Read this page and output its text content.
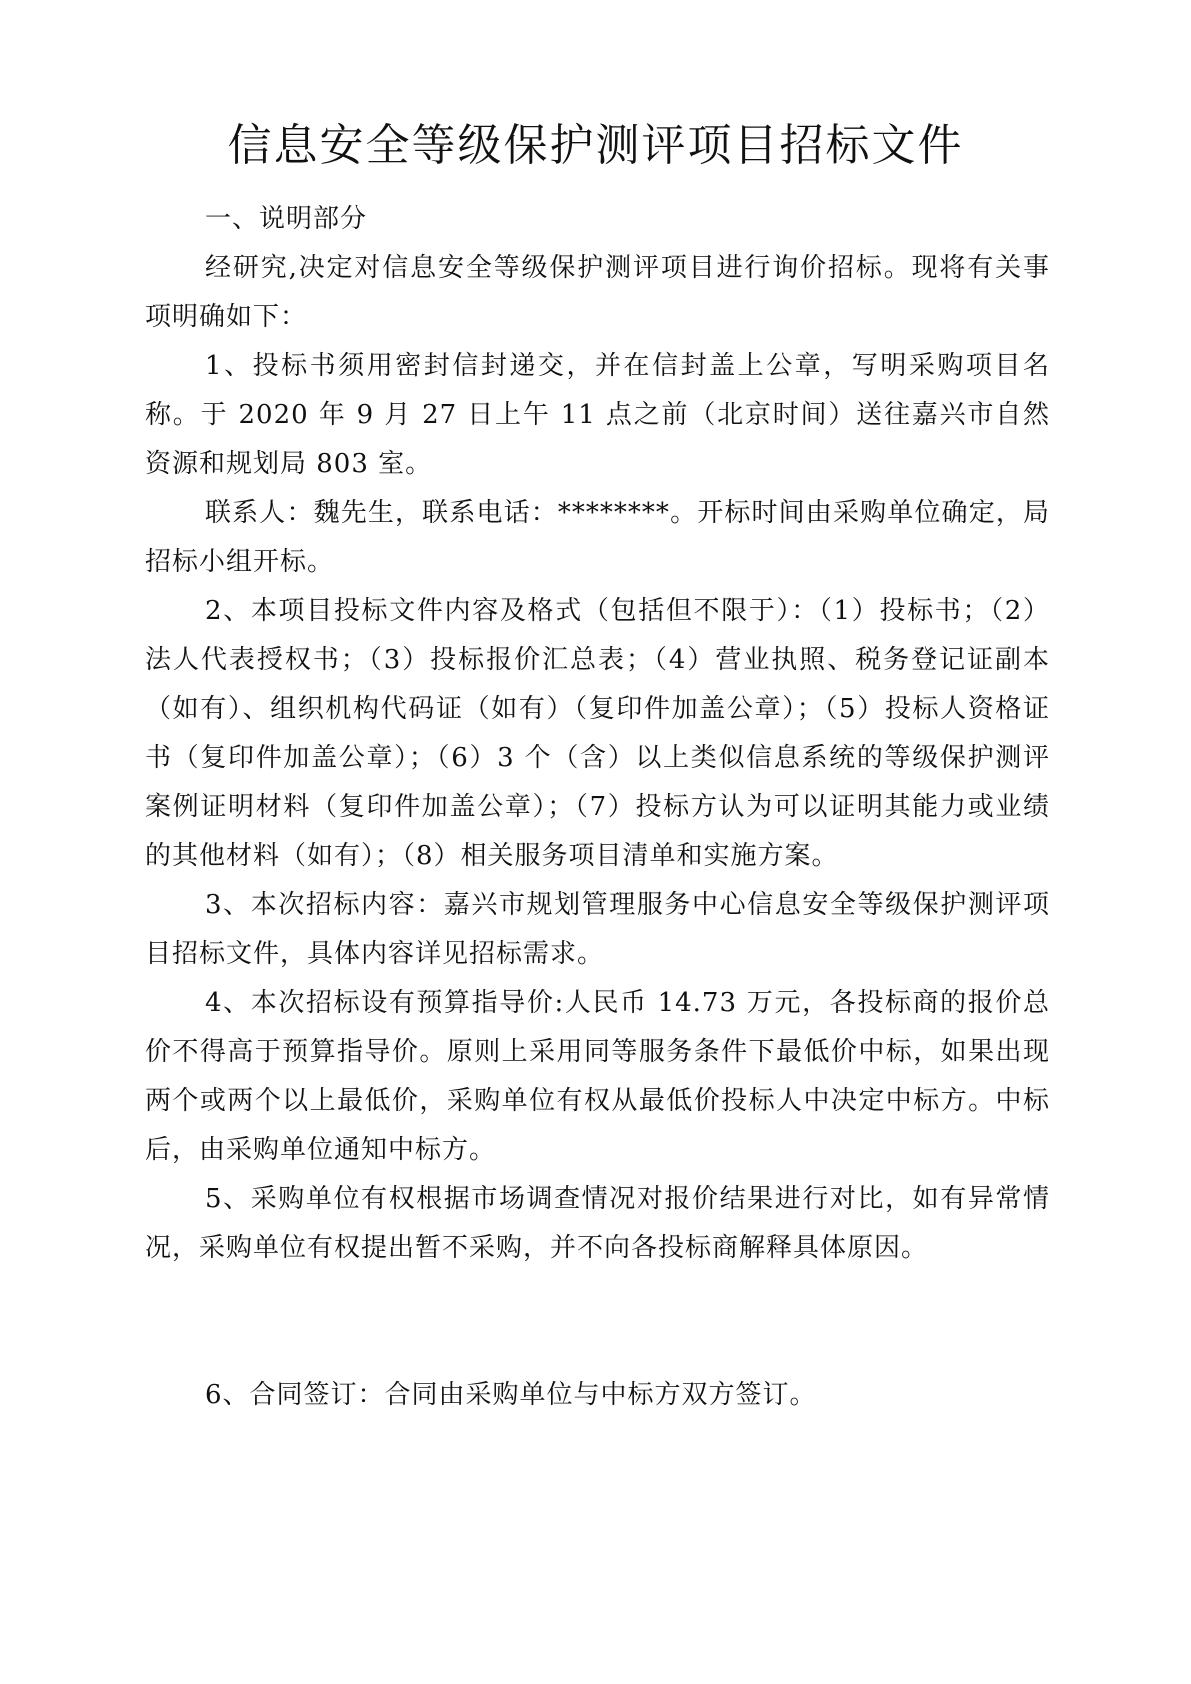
信息安全等级保护测评项目招标文件

一、说明部分

经研究,决定对信息安全等级保护测评项目进行询价招标。现将有关事项明确如下：

1、投标书须用密封信封递交，并在信封盖上公章，写明采购项目名称。于 2020 年 9 月 27 日上午 11 点之前（北京时间）送往嘉兴市自然资源和规划局 803 室。

联系人：魏先生，联系电话：********。开标时间由采购单位确定，局招标小组开标。

2、本项目投标文件内容及格式（包括但不限于）：（1）投标书；（2）法人代表授权书；（3）投标报价汇总表；（4）营业执照、税务登记证副本（如有）、组织机构代码证（如有）（复印件加盖公章）；（5）投标人资格证书（复印件加盖公章）；（6）3 个（含）以上类似信息系统的等级保护测评案例证明材料（复印件加盖公章）；（7）投标方认为可以证明其能力或业绩的其他材料（如有）；（8）相关服务项目清单和实施方案。

3、本次招标内容：嘉兴市规划管理服务中心信息安全等级保护测评项目招标文件，具体内容详见招标需求。

4、本次招标设有预算指导价:人民币 14.73 万元，各投标商的报价总价不得高于预算指导价。原则上采用同等服务条件下最低价中标，如果出现两个或两个以上最低价，采购单位有权从最低价投标人中决定中标方。中标后，由采购单位通知中标方。

5、采购单位有权根据市场调查情况对报价结果进行对比，如有异常情况，采购单位有权提出暂不采购，并不向各投标商解释具体原因。

6、合同签订：合同由采购单位与中标方双方签订。
